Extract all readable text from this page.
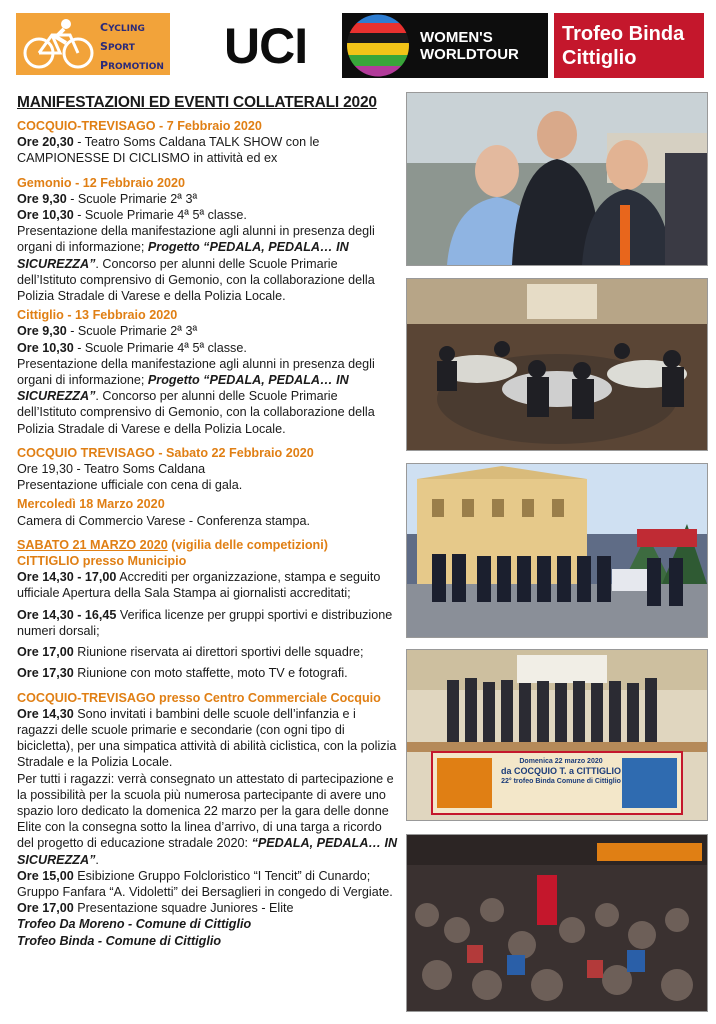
CYCLING
SPORT
PROMOTION UCI	WOMEN'S
WORLDTOUR
Trofeo Binda
Cittiglio
MANIFESTAZIONI ED EVENTI COLLATERALI 2020

COCQUIO-TREVISAGO - 7 Febbraio 2020

Ore 20,30 - Teatro Soms Caldana TALK SHOW con le CAMPIONESSE DI CICLISMO in attività ed ex

Gemonio - 12 Febbraio 2020

Ore 9,30 - Scuole Primarie 2ª 3ª

Ore 10,30 - Scuole Primarie 4ª 5ª classe.

Presentazione della manifestazione agli alunni in presenza degli organi di informazione; Progetto “PEDALA, PEDALA… IN SICUREZZA”. Concorso per alunni delle Scuole Primarie dell’Istituto comprensivo di Gemonio, con la collaborazione della Polizia Stradale di Varese e della Polizia Locale.

Cittiglio - 13 Febbraio 2020

Ore 9,30 - Scuole Primarie 2ª 3ª

Ore 10,30 - Scuole Primarie 4ª 5ª classe.

Presentazione della manifestazione agli alunni in presenza degli organi di informazione; Progetto “PEDALA, PEDALA… IN SICUREZZA”. Concorso per alunni delle Scuole Primarie dell’Istituto comprensivo di Gemonio, con la collaborazione della Polizia Stradale di Varese e della Polizia Locale.

COCQUIO TREVISAGO - Sabato 22 Febbraio 2020

Ore 19,30 - Teatro Soms Caldana

Presentazione ufficiale con cena di gala.

Mercoledì 18 Marzo 2020

Camera di Commercio Varese - Conferenza stampa.

SABATO 21 MARZO 2020 (vigilia delle competizioni)

CITTIGLIO presso Municipio

Ore 14,30 - 17,00 Accrediti per organizzazione, stampa e seguito ufficiale Apertura della Sala Stampa ai giornalisti accreditati;

Ore 14,30 - 16,45 Verifica licenze per gruppi sportivi e distribuzione numeri dorsali;

Ore 17,00 Riunione riservata ai direttori sportivi delle squadre;

Ore 17,30 Riunione con moto staffette, moto TV e fotografi.

COCQUIO-TREVISAGO presso Centro Commerciale Cocquio

Ore 14,30 Sono invitati i bambini delle scuole dell’infanzia e i ragazzi delle scuole primarie e secondarie (con ogni tipo di bicicletta), per una simpatica attività di abilità ciclistica, con la polizia Stradale e la Polizia Locale.

Per tutti i ragazzi: verrà consegnato un attestato di partecipazione e la possibilità per la scuola più numerosa partecipante di avere uno spazio loro dedicato la domenica 22 marzo per la gara delle donne Elite con la consegna sotto la linea d’arrivo, di una targa a ricordo del progetto di educazione stradale 2020: “PEDALA, PEDALA… IN SICUREZZA”.

Ore 15,00 Esibizione Gruppo Folcloristico “I Tencit” di Cunardo; Gruppo Fanfara “A. Vidoletti” dei Bersaglieri in congedo di Vergiate.

Ore 17,00 Presentazione squadre Juniores - Elite

Trofeo Da Moreno - Comune di Cittiglio

Trofeo Binda - Comune di Cittiglio

Domenica 22 marzo 2020
da COCQUIO T. a CITTIGLIO
22° trofeo Binda Comune di Cittiglio
